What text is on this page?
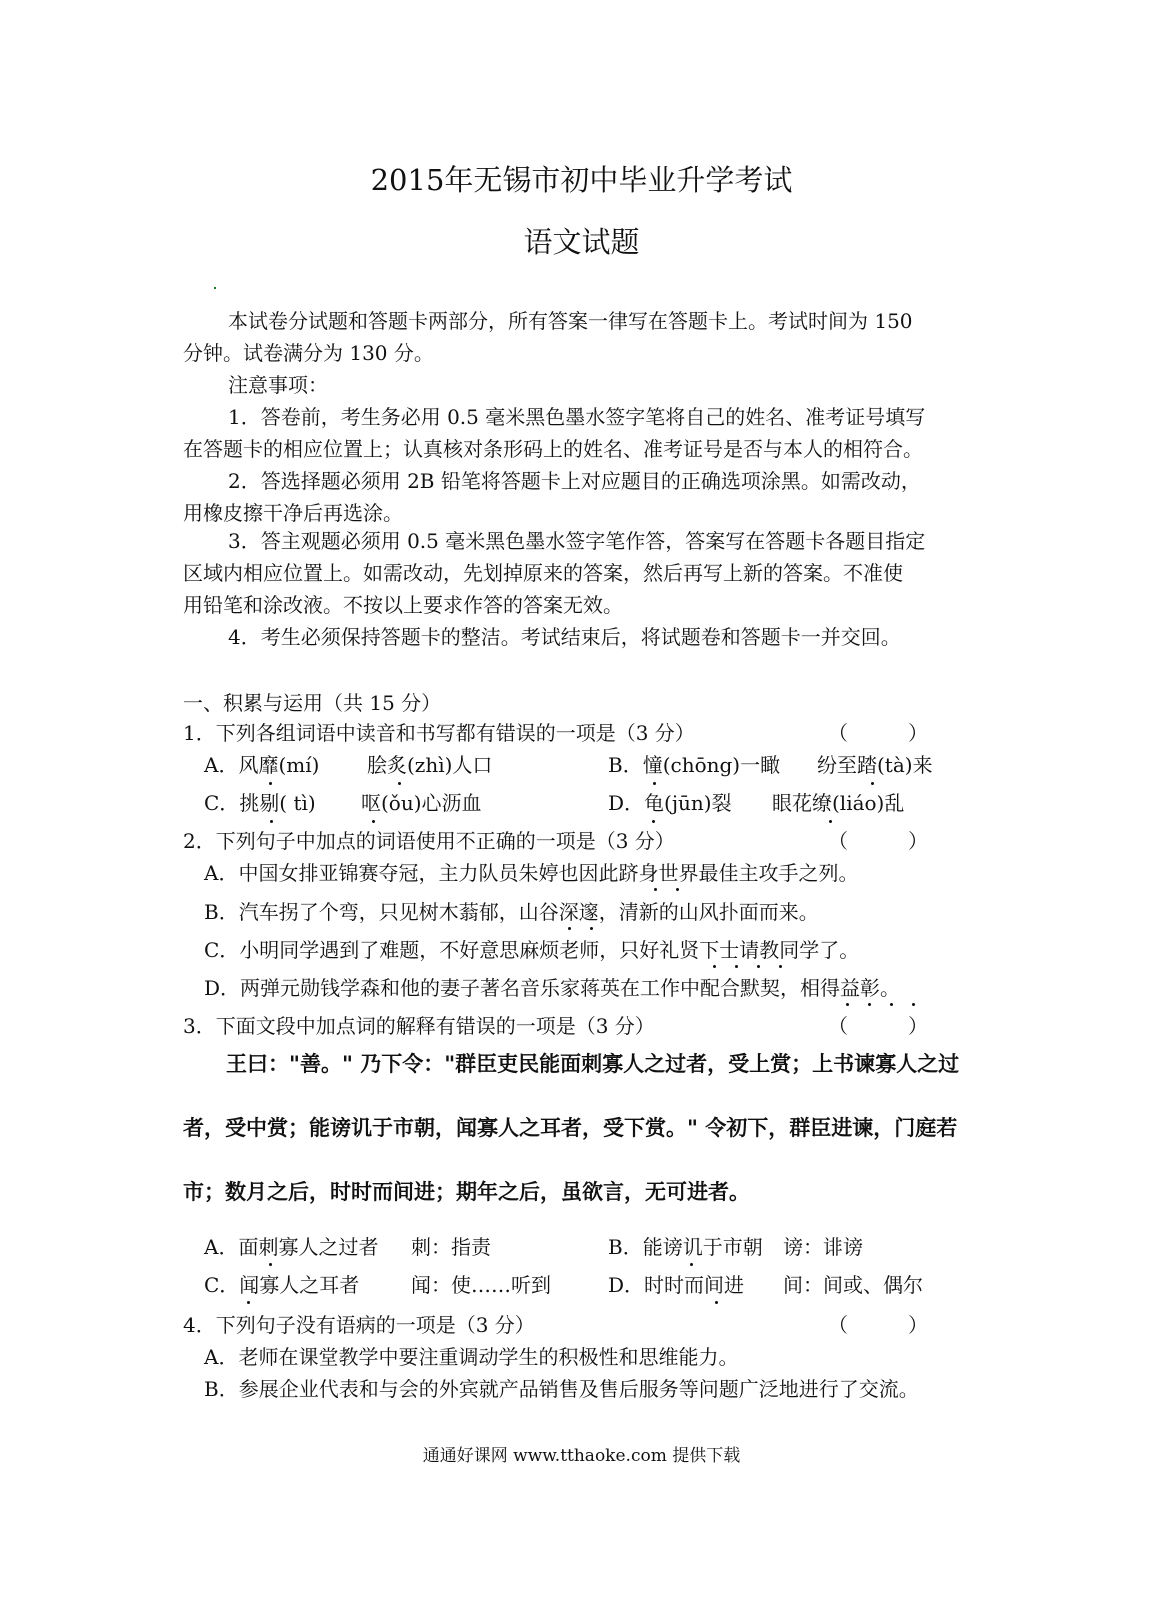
2015年无锡市初中毕业升学考试
语文试题
本试卷分试题和答题卡两部分，所有答案一律写在答题卡上。考试时间为 150
分钟。试卷满分为 130 分。
注意事项：
1．答卷前，考生务必用 0.5 毫米黑色墨水签字笔将自己的姓名、准考证号填写
在答题卡的相应位置上；认真核对条形码上的姓名、准考证号是否与本人的相符合。
2．答选择题必须用 2B 铅笔将答题卡上对应题目的正确选项涂黑。如需改动，
用橡皮擦干净后再选涂。
3．答主观题必须用 0.5 毫米黑色墨水签字笔作答，答案写在答题卡各题目指定
区域内相应位置上。如需改动，先划掉原来的答案，然后再写上新的答案。不准使
用铅笔和涂改液。不按以上要求作答的答案无效。
4．考生必须保持答题卡的整洁。考试结束后，将试题卷和答题卡一并交回。
一、积累与运用（共 15 分）
1．下列各组词语中读音和书写都有错误的一项是（3 分）	（　　　）
A．风靡(mí) 脍炙(zhì)人口	B．憧(chōng)一瞰 纷至踏(tà)来
C．挑剔( tì) 呕(ǒu)心沥血	D．龟(jūn)裂 眼花缭(liáo)乱
2．下列句子中加点的词语使用不正确的一项是（3 分）	（　　　）
A．中国女排亚锦赛夺冠，主力队员朱婷也因此跻身世界最佳主攻手之列。
B．汽车拐了个弯，只见树木蓊郁，山谷深邃，清新的山风扑面而来。
C．小明同学遇到了难题，不好意思麻烦老师，只好礼贤下士请教同学了。
D．两弹元勋钱学森和他的妻子著名音乐家蒋英在工作中配合默契，相得益彰。
3．下面文段中加点词的解释有错误的一项是（3 分）	（　　　）
王曰："善。" 乃下令："群臣吏民能面刺寡人之过者，受上赏；上书谏寡人之过
者，受中赏；能谤讥于市朝，闻寡人之耳者，受下赏。" 令初下，群臣进谏，门庭若
市；数月之后，时时而间进；期年之后，虽欲言，无可进者。
A．面刺寡人之过者 刺：指责	B．能谤讥于市朝 谤：诽谤
C．闻寡人之耳者	闻：使……听到	D．时时而间进 间：间或、偶尔
4．下列句子没有语病的一项是（3 分）	（　　　）
A．老师在课堂教学中要注重调动学生的积极性和思维能力。
B．参展企业代表和与会的外宾就产品销售及售后服务等问题广泛地进行了交流。
通通好课网 www.tthaoke.com 提供下载
